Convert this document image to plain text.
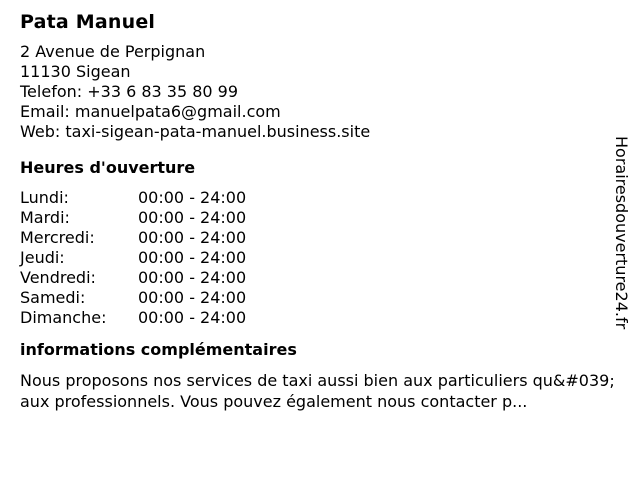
Pata Manuel
2 Avenue de Perpignan
11130 Sigean
Telefon: +33 6 83 35 80 99
Email: manuelpata6@gmail.com
Web: taxi-sigean-pata-manuel.business.site
Heures d'ouverture
Lundi:	00:00 - 24:00
Mardi:	00:00 - 24:00
Mercredi:	00:00 - 24:00
Jeudi:	00:00 - 24:00
Vendredi:	00:00 - 24:00
Samedi:	00:00 - 24:00
Dimanche:	00:00 - 24:00
informations complémentaires
Nous proposons nos services de taxi aussi bien aux particuliers qu&#039;aux professionnels. Vous pouvez également nous contacter p...
Horairesdouverture24.fr
